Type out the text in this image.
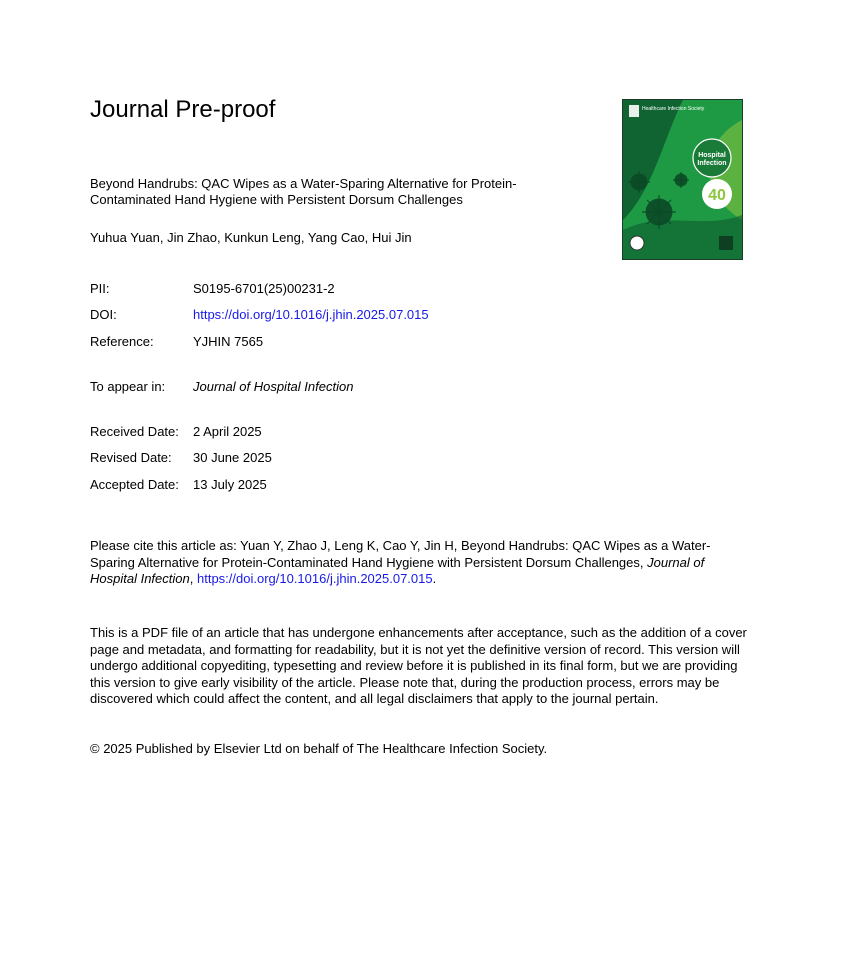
Journal Pre-proof
Beyond Handrubs: QAC Wipes as a Water-Sparing Alternative for Protein-Contaminated Hand Hygiene with Persistent Dorsum Challenges
Yuhua Yuan, Jin Zhao, Kunkun Leng, Yang Cao, Hui Jin
PII:	S0195-6701(25)00231-2
DOI:	https://doi.org/10.1016/j.jhin.2025.07.015
Reference:	YJHIN 7565
To appear in: Journal of Hospital Infection
Received Date: 2 April 2025
Revised Date: 30 June 2025
Accepted Date: 13 July 2025
Please cite this article as: Yuan Y, Zhao J, Leng K, Cao Y, Jin H, Beyond Handrubs: QAC Wipes as a Water-Sparing Alternative for Protein-Contaminated Hand Hygiene with Persistent Dorsum Challenges, Journal of Hospital Infection, https://doi.org/10.1016/j.jhin.2025.07.015.
This is a PDF file of an article that has undergone enhancements after acceptance, such as the addition of a cover page and metadata, and formatting for readability, but it is not yet the definitive version of record. This version will undergo additional copyediting, typesetting and review before it is published in its final form, but we are providing this version to give early visibility of the article. Please note that, during the production process, errors may be discovered which could affect the content, and all legal disclaimers that apply to the journal pertain.
© 2025 Published by Elsevier Ltd on behalf of The Healthcare Infection Society.
Healthcare Infection Society
Hospital
Infection
40
